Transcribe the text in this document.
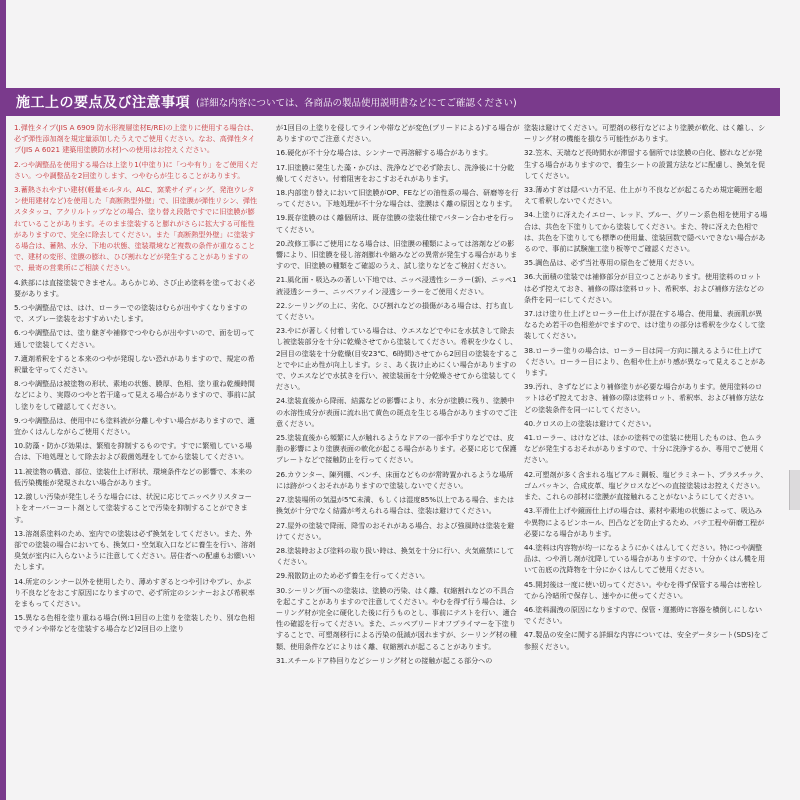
施工上の要点及び注意事項 (詳細な内容については、各商品の製品使用説明書などにてご確認ください)
1.弾性タイプ(JIS A 6909 防水形複層塗材E/RE)の上塗りに使用する場合は、必ず弾性添加剤を規定量添加したうえでご使用ください。なお、高弾性タイプ(JIS A 6021 建築用塗膜防水材)への使用はお控えください。
2.つや調整品を使用する場合は上塗り1(中塗り)に「つや有り」をご使用ください。つや調整品を2回塗りします、つやむらが生じることがあります。
3.蓄熱されやすい建材(軽量モルタル、ALC、窯業サイディング、発泡ウレタン使用建材など)を使用した「高断熱型外壁」で、旧塗膜が弾性リシン、弾性スタタッコ、アクリルトップなどの場合、塗り替え段階ですでに旧塗膜が膨れていることがあります。そのまま塗装すると膨れがさらに拡大する可能性がありますので、完全に除去してください。また「高断熱型外壁」に塗装する場合は、蓄熱、水分、下地の状態、塗装環境など複数の条件が重なることで、建材の変形、塗膜の膨れ、ひび割れなどが発生することがありますので、最寄の営業所にご相談ください。
4.鉄部には直接塗装できません。あらかじめ、さび止め塗料を塗っておく必要があります。
5.つや調整品では、はけ、ローラーでの塗装はむらが出やすくなりますので、スプレー塗装をおすすめいたします。
6.つや調整品では、塗り継ぎや補修でつやむらが出やすいので、面を切って通しで塗装してください。
7.適剤希釈をすると本来のつやが発現しない恐れがありますので、規定の希釈量を守ってください。
8.つや調整品は被塗物の形状、素地の状態、膜厚、色相、塗り重ね乾燥時間などにより、実際のつやと若干違って見える場合がありますので、事前に試し塗りをして確認してください。
9.つや調整品は、使用中にも塗料液が分離しやすい場合がありますので、適宜かくはんしながらご使用ください。
10.防藻・防かび効果は、繁殖を抑制するものです。すでに繁殖している場合は、下地処理として除去および殺菌処理をしてから塗装してください。
11.被塗物の構造、部位、塗装仕上げ形状、環境条件などの影響で、本来の低汚染機能が発現されない場合があります。
12.激しい汚染が発生しそうな場合には、状況に応じてニッペクリスタコートをオーバーコート剤として塗装することで汚染を抑制することができます。
13.溶剤系塗料のため、室内での塗装は必ず換気をしてください。また、外部での塗装の場合においても、換気口・空気取入口などに養生を行い、溶剤臭気が室内に入らないように注意してください。居住者への配慮もお願いいたします。
14.所定のシンナー以外を使用したり、薄めすぎるとつや引けやブレ、かぶり不良などをおこす原因になりますので、必ず所定のシンナーおよび希釈率をまもってください。
15.異なる色相を塗り重ねる場合(例:1回目の上塗りを塗装したり、別な色相でラインや帯などを塗装する場合など)2回目の上塗り
が1回目の上塗りを侵してラインや帯などが変色(ブリードによる)する場合がありますのでご注意ください。
16.硬化が不十分な場合は、シンナーで再溶解する場合があります。
17.旧塗膜に発生した藻・かびは、洗浄などで必ず除去し、洗浄後に十分乾燥してください。付着阻害をおこすおそれがあります。
18.内部塗り替えにおいて旧塗膜がOP、FEなどの油性系の場合、研磨等を行ってください。下地処理が不十分な場合は、塗膜はく離の原因となります。
19.既存塗膜のはく離個所は、既存塗膜の塗装仕様でパターン合わせを行ってください。
20.改修工事にご使用になる場合は、旧塗膜の種類によっては溶剤などの影響により、旧塗膜を侵し溶剤膨れや縮みなどの異常が発生する場合がありますので、旧塗膜の種類をご確認のうえ、試し塗りなどをご検討ください。
21.風化面・吸込みの著しい下地では、ニッペ浸透性シーラー(新)、ニッペ1液浸透シーラー、ニッペファイン浸透シーラーをご使用ください。
22.シーリングの上に、劣化、ひび割れなどの損傷がある場合は、打ち直してください。
23.やにが著しく付着している場合は、ウエスなどでやにを水拭きして除去し被塗装部分を十分に乾燥させてから塗装してください。希釈を少なくし、2回目の塗装を十分乾燥(目安23℃、6時間)させてから2回目の塗装をすることでやに止め性が向上します。シミ、あく抜け止めにくい場合がありますので、ウエスなどで水拭きを行い、被塗装面を十分乾燥させてから塗装してください。
24.塗装直後から降雨、結露などの影響により、水分が塗膜に残り、塗膜中の水溶性成分が表面に流れ出て黄色の斑点を生じる場合がありますのでご注意ください。
25.塗装直後から頻繁に人が触れるようなドアの一部や手すりなどでは、皮脂の影響により塗膜表面の軟化が起こる場合があります。必要に応じて保護プレートなどで接触防止を行ってください。
26.カウンター、陳列棚、ベンチ、床面などものが常時置かれるような場所には跡がつくおそれがありますので塗装しないでください。
27.塗装場所の気温が5℃未満、もしくは湿度85%以上である場合、または換気が十分でなく結露が考えられる場合は、塗装は避けてください。
27.屋外の塗装で降雨、降雪のおそれがある場合、および強風時は塗装を避けてください。
28.塗装時および塗料の取り扱い時は、換気を十分に行い、火気厳禁にしてください。
29.飛散防止のため必ず養生を行ってください。
30.シーリング面への塗装は、塗膜の汚染、はく離、収縮割れなどの不具合を起こすことがありますので注意してください。やむを得ず行う場合は、シーリング材が完全に硬化した後に行うものとし、事前にテストを行い、適合性の確認を行ってください。また、ニッペブリードオフプライマーを下塗りすることで、可塑剤移行による汚染の低減が図れますが、シーリング材の種類、使用条件などによりはく離、収縮割れが起こることがあります。
31.スチールドア枠回りなどシーリング材との接触が起こる部分への
塗装は避けてください。可塑剤の移行などにより塗膜が軟化、はく離し、シーリング材の機能を損なう可能性があります。
32.笠木、天端など長時間水が滞留する個所では塗膜の白化、膨れなどが発生する場合がありますので、養生シートの設置方法などに配慮し、換気を促してください。
33.薄めすぎは隠ぺい力不足、仕上がり不良などが起こるため規定範囲を超えて希釈しないでください。
34.上塗りに冴えたイエロー、レッド、ブルー、グリーン系色相を使用する場合は、共色を下塗りしてから塗装してください。また、特に冴えた色相では、共色を下塗りしても標準の使用量、塗装回数で隠ぺいできない場合があるので、事前に試験施工塗り板等でご確認ください。
35.調色品は、必ず当社専用の原色をご使用ください。
36.大面積の塗装では補修部分が目立つことがあります。使用塗料のロットは必ず控えておき、補修の際は塗料ロット、希釈率、および補修方法などの条件を同一にしてください。
37.はけ塗り仕上げとローラー仕上げが混在する場合、使用量、表面肌が異なるため若干の色相差がでますので、はけ塗りの部分は希釈を少なくして塗装してください。
38.ローラー塗りの場合は、ローラー目は同一方向に揃えるように仕上げてください。ローラー目により、色相や仕上がり感が異なって見えることがあります。
39.汚れ、きずなどにより補修塗りが必要な場合があります。使用塗料のロットは必ず控えておき、補修の際は塗料ロット、希釈率、および補修方法などの塗装条件を同一にしてください。
40.クロスの上の塗装は避けてください。
41.ローラー、はけなどは、ほかの塗料での塗装に使用したものは、色ムラなどが発生するおそれがありますので、十分に洗浄するか、専用でご使用ください。
42.可塑剤が多く含まれる塩ビアルミ鋼板、塩ビラミネート、プラスチック、ゴムパッキン、合成皮革、塩ビクロスなどへの直接塗装はお控えください。また、これらの部材に塗膜が直接触れることがないようにしてください。
43.平滑仕上げや鏡面仕上げの場合は、素材や素地の状態によって、吸込みや異物によるピンホール、凹凸などを防止するため、パテ工程や研磨工程が必要になる場合があります。
44.塗料は内容物が均一になるようにかくはんしてください。特につや調整品は、つや消し剤が沈降している場合がありますので、十分かくはん機を用いて缶底の沈降物を十分にかくはんしてご使用ください。
45.開封後は一度に使い切ってください。やむを得ず保管する場合は密栓してから冷暗所で保存し、速やかに使ってください。
46.塗料漏洩の原因になりますので、保管・運搬時に容器を横倒しにしないでください。
47.製品の安全に関する詳細な内容については、安全データシート(SDS)をご参照ください。
